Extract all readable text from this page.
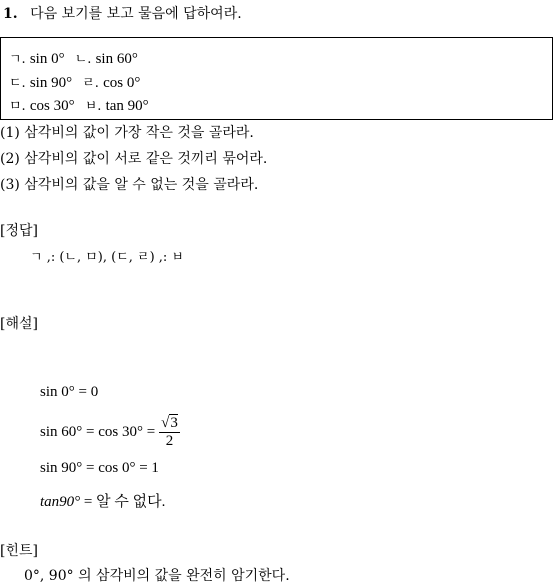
1. 다음 보기를 보고 물음에 답하여라.
ㄱ. sin 0° ㄴ. sin 60°
ㄷ. sin 90° ㄹ. cos 0°
ㅁ. cos 30° ㅂ. tan 90°
(1) 삼각비의 값이 가장 작은 것을 골라라.
(2) 삼각비의 값이 서로 같은 것끼리 묶어라.
(3) 삼각비의 값을 알 수 없는 것을 골라라.
[정답]
ㄱ ,: (ㄴ, ㅁ), (ㄷ, ㄹ) ,: ㅂ
[해설]
sin 0° = 0
$\sin 60^\circ = \cos 30^\circ = \frac{√3}{2}$
sin 90° = cos 0° = 1
tan90° = 알 수 없다.
[힌트]
0°, 90° 의 삼각비의 값을 완전히 암기한다.
